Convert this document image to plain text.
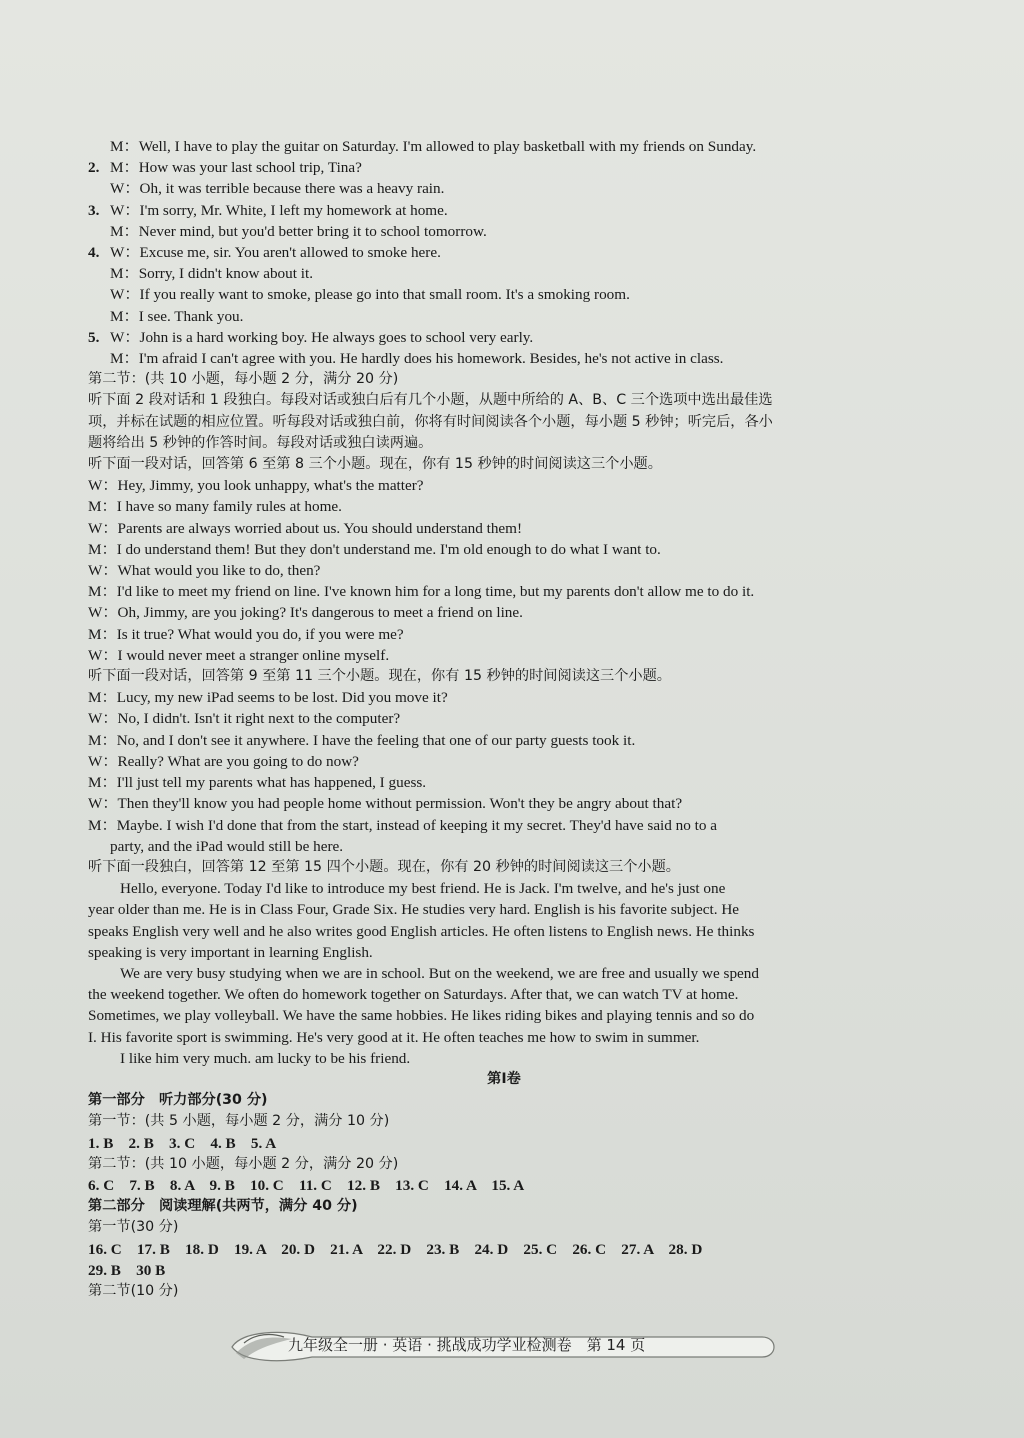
M：Well, I have to play the guitar on Saturday. I'm allowed to play basketball with my friends on Sunday.
2. M：How was your last school trip, Tina?
W：Oh, it was terrible because there was a heavy rain.
3. W：I'm sorry, Mr. White, I left my homework at home.
M：Never mind, but you'd better bring it to school tomorrow.
4. W：Excuse me, sir. You aren't allowed to smoke here.
M：Sorry, I didn't know about it.
W：If you really want to smoke, please go into that small room. It's a smoking room.
M：I see. Thank you.
5. W：John is a hard working boy. He always goes to school very early.
M：I'm afraid I can't agree with you. He hardly does his homework. Besides, he's not active in class.
第二节：(共 10 小题，每小题 2 分，满分 20 分)
听下面 2 段对话和 1 段独白。每段对话或独白后有几个小题，从题中所给的 A、B、C 三个选项中选出最佳选
项，并标在试题的相应位置。听每段对话或独白前，你将有时间阅读各个小题，每小题 5 秒钟；听完后，各小
题将给出 5 秒钟的作答时间。每段对话或独白读两遍。
听下面一段对话，回答第 6 至第 8 三个小题。现在，你有 15 秒钟的时间阅读这三个小题。
W：Hey, Jimmy, you look unhappy, what's the matter?
M：I have so many family rules at home.
W：Parents are always worried about us. You should understand them!
M：I do understand them! But they don't understand me. I'm old enough to do what I want to.
W：What would you like to do, then?
M：I'd like to meet my friend on line. I've known him for a long time, but my parents don't allow me to do it.
W：Oh, Jimmy, are you joking? It's dangerous to meet a friend on line.
M：Is it true? What would you do, if you were me?
W：I would never meet a stranger online myself.
听下面一段对话，回答第 9 至第 11 三个小题。现在，你有 15 秒钟的时间阅读这三个小题。
M：Lucy, my new iPad seems to be lost. Did you move it?
W：No, I didn't. Isn't it right next to the computer?
M：No, and I don't see it anywhere. I have the feeling that one of our party guests took it.
W：Really? What are you going to do now?
M：I'll just tell my parents what has happened, I guess.
W：Then they'll know you had people home without permission. Won't they be angry about that?
M：Maybe. I wish I'd done that from the start, instead of keeping it my secret. They'd have said no to a
party, and the iPad would still be here.
听下面一段独白，回答第 12 至第 15 四个小题。现在，你有 20 秒钟的时间阅读这三个小题。
Hello, everyone. Today I'd like to introduce my best friend. He is Jack. I'm twelve, and he's just one
year older than me. He is in Class Four, Grade Six. He studies very hard. English is his favorite subject. He
speaks English very well and he also writes good English articles. He often listens to English news. He thinks
speaking is very important in learning English.
We are very busy studying when we are in school. But on the weekend, we are free and usually we spend
the weekend together. We often do homework together on Saturdays. After that, we can watch TV at home.
Sometimes, we play volleyball. We have the same hobbies. He likes riding bikes and playing tennis and so do
I. His favorite sport is swimming. He's very good at it. He often teaches me how to swim in summer.
I like him very much. am lucky to be his friend.
第Ⅰ卷
第一部分　听力部分(30 分)
第一节：(共 5 小题，每小题 2 分，满分 10 分)
1. B　2. B　3. C　4. B　5. A
第二节：(共 10 小题，每小题 2 分，满分 20 分)
6. C　7. B　8. A　9. B　10. C　11. C　12. B　13. C　14. A　15. A
第二部分　阅读理解(共两节，满分 40 分)
第一节(30 分)
16. C　17. B　18. D　19. A　20. D　21. A　22. D　23. B　24. D　25. C　26. C　27. A　28. D
29. B　30 B
第二节(10 分)
九年级全一册 · 英语 · 挑战成功学业检测卷　第 14 页
